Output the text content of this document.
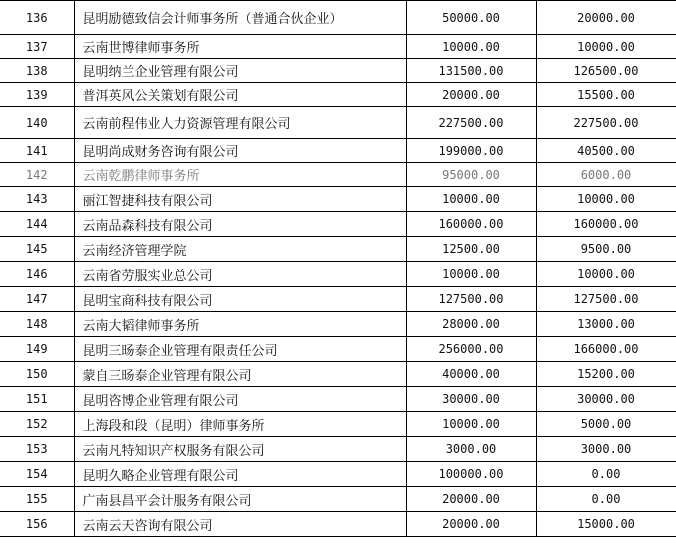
136	昆明励德致信会计师事务所（普通合伙企业）	50000.00	20000.00
137	云南世博律师事务所	10000.00	10000.00
138	昆明纳兰企业管理有限公司	131500.00	126500.00
139	普洱英风公关策划有限公司	20000.00	15500.00
140	云南前程伟业人力资源管理有限公司	227500.00	227500.00
141	昆明尚成财务咨询有限公司	199000.00	40500.00
142	云南乾鹏律师事务所	95000.00	6000.00
143	丽江智捷科技有限公司	10000.00	10000.00
144	云南品森科技有限公司	160000.00	160000.00
145	云南经济管理学院	12500.00	9500.00
146	云南省劳服实业总公司	10000.00	10000.00
147	昆明宝商科技有限公司	127500.00	127500.00
148	云南大韬律师事务所	28000.00	13000.00
149	昆明三旸泰企业管理有限责任公司	256000.00	166000.00
150	蒙自三旸泰企业管理有限公司	40000.00	15200.00
151	昆明咨博企业管理有限公司	30000.00	30000.00
152	上海段和段（昆明）律师事务所	10000.00	5000.00
153	云南凡特知识产权服务有限公司	3000.00	3000.00
154	昆明久略企业管理有限公司	100000.00	0.00
155	广南县昌平会计服务有限公司	20000.00	0.00
156	云南云天咨询有限公司	20000.00	15000.00
